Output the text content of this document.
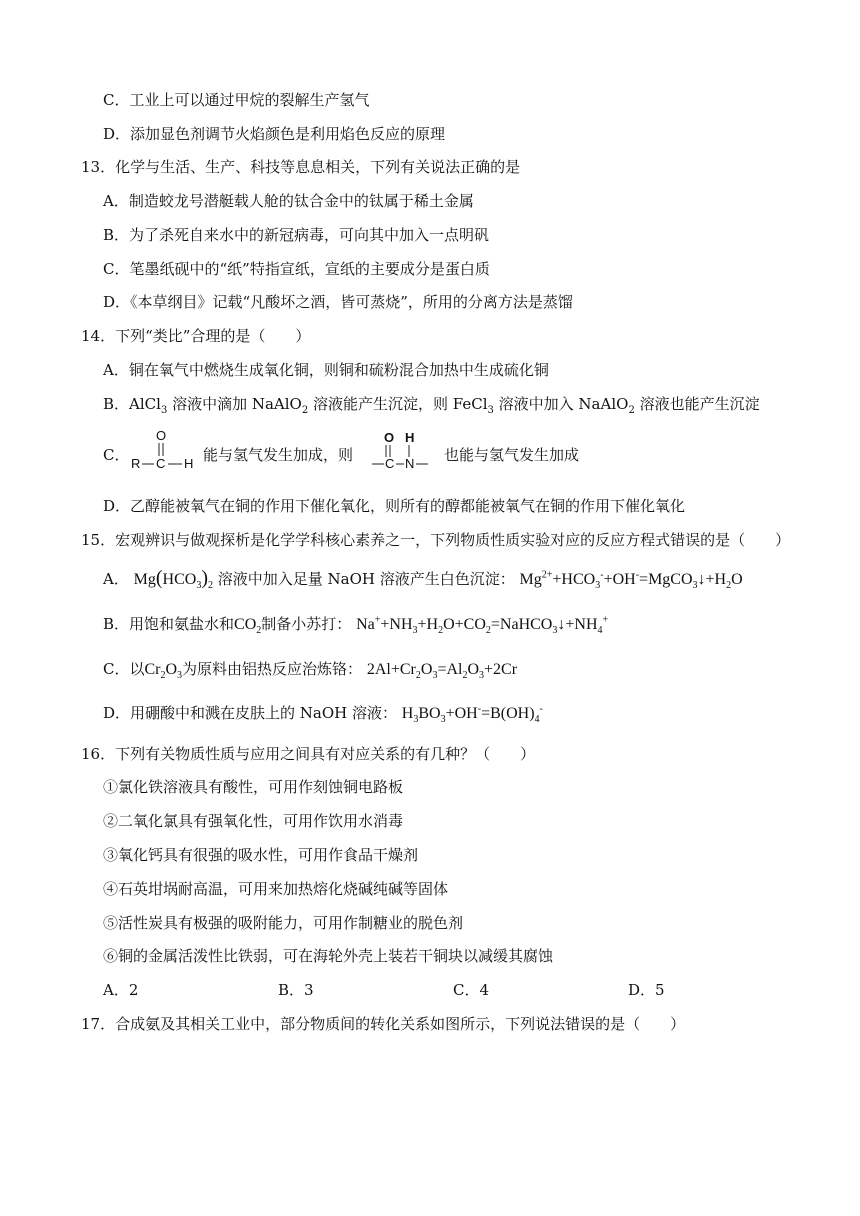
C．工业上可以通过甲烷的裂解生产氢气
D．添加显色剂调节火焰颜色是利用焰色反应的原理
13．化学与生活、生产、科技等息息相关，下列有关说法正确的是
A．制造蛟龙号潜艇载人舱的钛合金中的钛属于稀土金属
B．为了杀死自来水中的新冠病毒，可向其中加入一点明矾
C．笔墨纸砚中的“纸”特指宣纸，宣纸的主要成分是蛋白质
D．《本草纲目》记载“凡酸坏之酒，皆可蒸烧”，所用的分离方法是蒸馏
14．下列“类比”合理的是（　　）
A．铜在氧气中燃烧生成氧化铜，则铜和硫粉混合加热中生成硫化铜
B．AlCl$_3$ 溶液中滴加 NaAlO$_2$ 溶液能产生沉淀，则 FeCl$_3$ 溶液中加入 NaAlO$_2$ 溶液也能产生沉淀
C．
O
R C H 能与氢气发生加成，则
O H
C N 也能与氢气发生加成
D．乙醇能被氧气在铜的作用下催化氧化，则所有的醇都能被氧气在铜的作用下催化氧化
15．宏观辨识与做观探析是化学学科核心素养之一，下列物质性质实验对应的反应方程式错误的是（　　）
A． $Mg(HCO_3)_2$ 溶液中加入足量 NaOH 溶液产生白色沉淀： $Mg^{2+}+HCO_3^-+OH^-=MgCO_3↓+H_2O$
B．用饱和氨盐水和$CO_2$制备小苏打： $Na^++NH_3+H_2O+CO_2=NaHCO_3↓+NH_4^+$
C．以$Cr_2O_3$为原料由铝热反应治炼铬： $2Al+Cr_2O_3=Al_2O_3+2Cr$
D．用硼酸中和溅在皮肤上的 NaOH 溶液： $H_3BO_3+OH^-=B(OH)_4^-$
16．下列有关物质性质与应用之间具有对应关系的有几种？（　　）
①氯化铁溶液具有酸性，可用作刻蚀铜电路板
②二氧化氯具有强氧化性，可用作饮用水消毒
③氧化钙具有很强的吸水性，可用作食品干燥剂
④石英坩埚耐高温，可用来加热熔化烧碱纯碱等固体
⑤活性炭具有极强的吸附能力，可用作制糖业的脱色剂
⑥铜的金属活泼性比铁弱，可在海轮外壳上装若干铜块以减缓其腐蚀
A．2	B．3	C．4	D．5
17．合成氨及其相关工业中，部分物质间的转化关系如图所示，下列说法错误的是（　　）
